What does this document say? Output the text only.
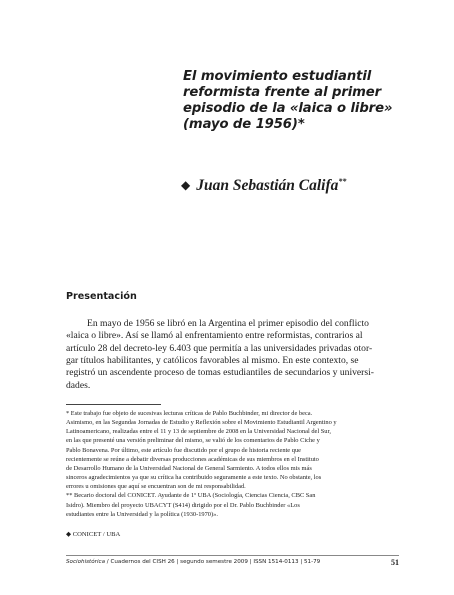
El movimiento estudiantil
reformista frente al primer
episodio de la «laica o libre»
(mayo de 1956)*
◆ Juan Sebastián Califa**
Presentación
En mayo de 1956 se libró en la Argentina el primer episodio del conflicto
«laica o libre». Así se llamó al enfrentamiento entre reformistas, contrarios al
artículo 28 del decreto-ley 6.403 que permitía a las universidades privadas otor-
gar títulos habilitantes, y católicos favorables al mismo. En este contexto, se
registró un ascendente proceso de tomas estudiantiles de secundarios y universi-
dades.
* Este trabajo fue objeto de sucesivas lecturas críticas de Pablo Buchbinder, mi director de beca.
Asimismo, en las Segundas Jornadas de Estudio y Reflexión sobre el Movimiento Estudiantil Argentino y
Latinoamericano, realizadas entre el 11 y 13 de septiembre de 2008 en la Universidad Nacional del Sur,
en las que presenté una versión preliminar del mismo, se valió de los comentarios de Pablo Ciche y
Pablo Bonavena. Por último, este artículo fue discutido por el grupo de historia reciente que
recientemente se reúne a debatir diversas producciones académicas de sus miembros en el Instituto
de Desarrollo Humano de la Universidad Nacional de General Sarmiento. A todos ellos mis más
sinceros agradecimientos ya que su crítica ha contribuido seguramente a este texto. No obstante, los
errores u omisiones que aquí se encuentran son de mi responsabilidad.
** Becario doctoral del CONICET. Ayudante de 1º UBA (Sociología, Ciencias Ciencia, CBC San
Isidro). Miembro del proyecto UBACYT (S414) dirigido por el Dr. Pablo Buchbinder «Los
estudiantes entre la Universidad y la política (1930-1970)».
◆ CONICET / UBA
Sociohistórica / Cuadernos del CISH 26 | segundo semestre 2009 | ISSN 1514-0113 | 51-79	51
